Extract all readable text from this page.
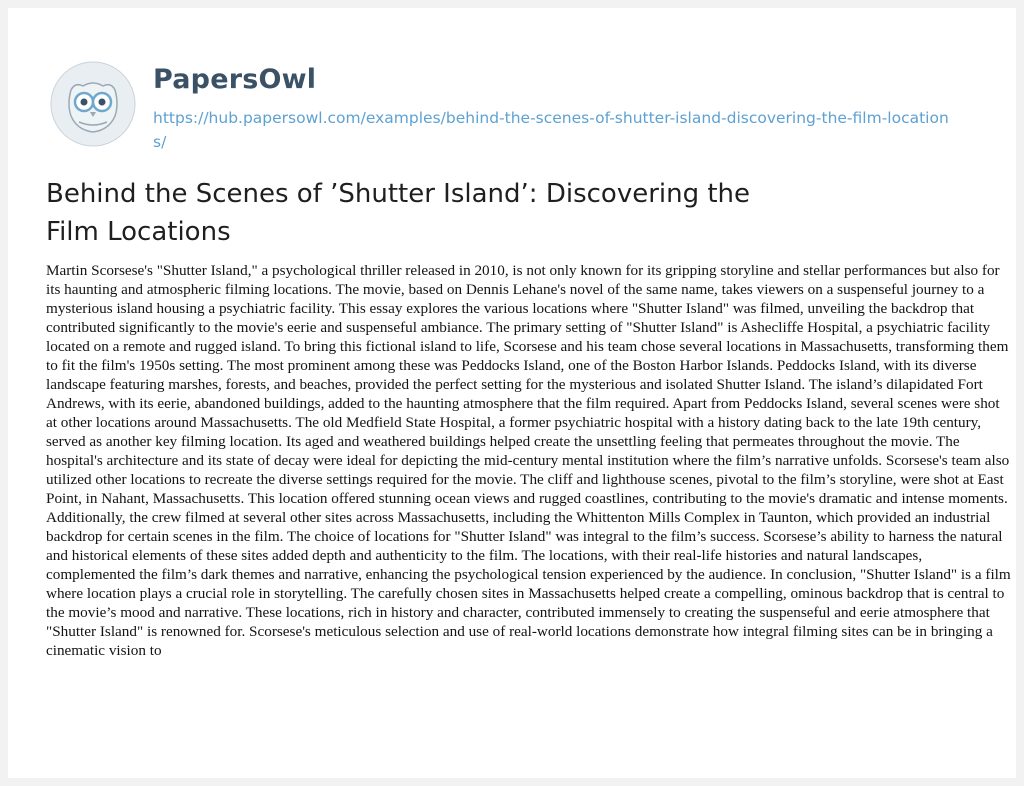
PapersOwl
https://hub.papersowl.com/examples/behind-the-scenes-of-shutter-island-discovering-the-film-locations/
Behind the Scenes of ’Shutter Island’: Discovering the Film Locations

Martin Scorsese's "Shutter Island," a psychological thriller released in 2010, is not only known for its gripping storyline and stellar performances but also for its haunting and atmospheric filming locations. The movie, based on Dennis Lehane's novel of the same name, takes viewers on a suspenseful journey to a mysterious island housing a psychiatric facility. This essay explores the various locations where "Shutter Island" was filmed, unveiling the backdrop that contributed significantly to the movie's eerie and suspenseful ambiance. The primary setting of "Shutter Island" is Ashecliffe Hospital, a psychiatric facility located on a remote and rugged island. To bring this fictional island to life, Scorsese and his team chose several locations in Massachusetts, transforming them to fit the film's 1950s setting. The most prominent among these was Peddocks Island, one of the Boston Harbor Islands. Peddocks Island, with its diverse landscape featuring marshes, forests, and beaches, provided the perfect setting for the mysterious and isolated Shutter Island. The island’s dilapidated Fort Andrews, with its eerie, abandoned buildings, added to the haunting atmosphere that the film required. Apart from Peddocks Island, several scenes were shot at other locations around Massachusetts. The old Medfield State Hospital, a former psychiatric hospital with a history dating back to the late 19th century, served as another key filming location. Its aged and weathered buildings helped create the unsettling feeling that permeates throughout the movie. The hospital's architecture and its state of decay were ideal for depicting the mid-century mental institution where the film’s narrative unfolds. Scorsese's team also utilized other locations to recreate the diverse settings required for the movie. The cliff and lighthouse scenes, pivotal to the film’s storyline, were shot at East Point, in Nahant, Massachusetts. This location offered stunning ocean views and rugged coastlines, contributing to the movie's dramatic and intense moments. Additionally, the crew filmed at several other sites across Massachusetts, including the Whittenton Mills Complex in Taunton, which provided an industrial backdrop for certain scenes in the film. The choice of locations for "Shutter Island" was integral to the film’s success. Scorsese’s ability to harness the natural and historical elements of these sites added depth and authenticity to the film. The locations, with their real-life histories and natural landscapes, complemented the film’s dark themes and narrative, enhancing the psychological tension experienced by the audience. In conclusion, "Shutter Island" is a film where location plays a crucial role in storytelling. The carefully chosen sites in Massachusetts helped create a compelling, ominous backdrop that is central to the movie’s mood and narrative. These locations, rich in history and character, contributed immensely to creating the suspenseful and eerie atmosphere that "Shutter Island" is renowned for. Scorsese's meticulous selection and use of real-world locations demonstrate how integral filming sites can be in bringing a cinematic vision to
